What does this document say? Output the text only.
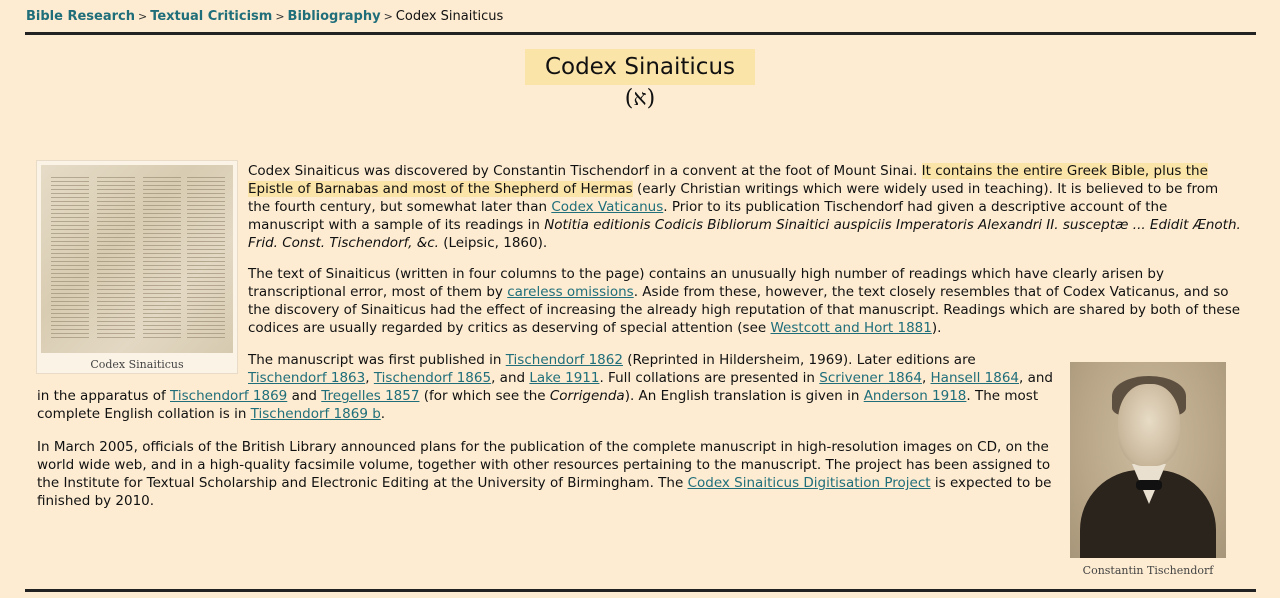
Bible Research > Textual Criticism > Bibliography > Codex Sinaiticus
Codex Sinaiticus
(א)
Codex Sinaiticus

Codex Sinaiticus was discovered by Constantin Tischendorf in a convent at the foot of Mount Sinai. It contains the entire Greek Bible, plus the Epistle of Barnabas and most of the Shepherd of Hermas (early Christian writings which were widely used in teaching). It is believed to be from the fourth century, but somewhat later than Codex Vaticanus. Prior to its publication Tischendorf had given a descriptive account of the manuscript with a sample of its readings in Notitia editionis Codicis Bibliorum Sinaitici auspiciis Imperatoris Alexandri II. susceptæ ... Edidit Ænoth. Frid. Const. Tischendorf, &c. (Leipsic, 1860).

The text of Sinaiticus (written in four columns to the page) contains an unusually high number of readings which have clearly arisen by transcriptional error, most of them by careless omissions. Aside from these, however, the text closely resembles that of Codex Vaticanus, and so the discovery of Sinaiticus had the effect of increasing the already high reputation of that manuscript. Readings which are shared by both of these codices are usually regarded by critics as deserving of special attention (see Westcott and Hort 1881).

The manuscript was first published in Tischendorf 1862 (Reprinted in Hildersheim, 1969). Later editions are

Tischendorf 1863, Tischendorf 1865, and Lake 1911. Full collations are presented in Scrivener 1864, Hansell 1864, and

in the apparatus of Tischendorf 1869 and Tregelles 1857 (for which see the Corrigenda). An English translation is given in Anderson 1918. The most

complete English collation is in Tischendorf 1869 b.

In March 2005, officials of the British Library announced plans for the publication of the complete manuscript in high-resolution images on CD, on the world wide web, and in a high-quality facsimile volume, together with other resources pertaining to the manuscript. The project has been assigned to the Institute for Textual Scholarship and Electronic Editing at the University of Birmingham. The Codex Sinaiticus Digitisation Project is expected to be finished by 2010.

Constantin Tischendorf
